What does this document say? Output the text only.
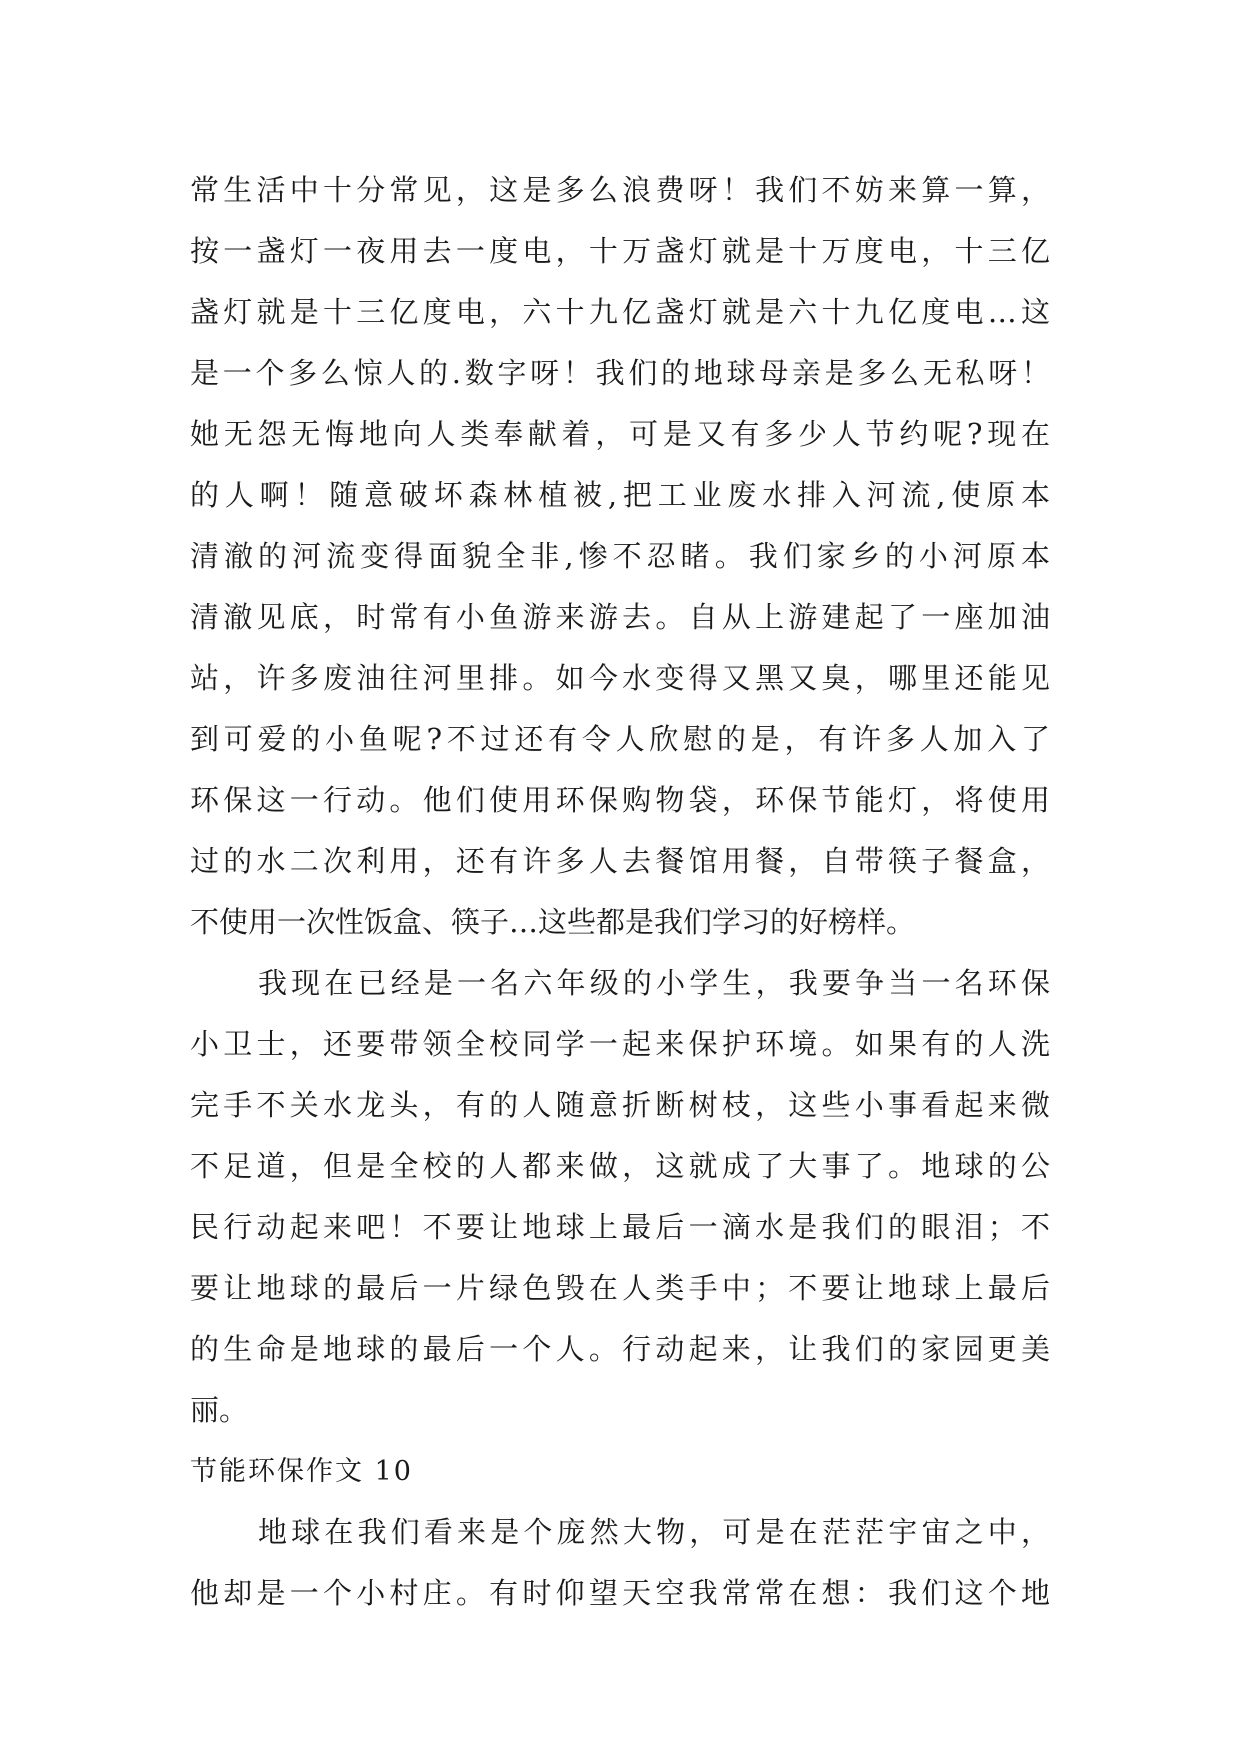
常生活中十分常见，这是多么浪费呀！我们不妨来算一算，
按一盏灯一夜用去一度电，十万盏灯就是十万度电，十三亿
盏灯就是十三亿度电，六十九亿盏灯就是六十九亿度电…这
是一个多么惊人的.数字呀！我们的地球母亲是多么无私呀！
她无怨无悔地向人类奉献着，可是又有多少人节约呢?现在
的人啊！随意破坏森林植被,把工业废水排入河流,使原本
清澈的河流变得面貌全非,惨不忍睹。我们家乡的小河原本
清澈见底，时常有小鱼游来游去。自从上游建起了一座加油
站，许多废油往河里排。如今水变得又黑又臭，哪里还能见
到可爱的小鱼呢?不过还有令人欣慰的是，有许多人加入了
环保这一行动。他们使用环保购物袋，环保节能灯，将使用
过的水二次利用，还有许多人去餐馆用餐，自带筷子餐盒，
不使用一次性饭盒、筷子…这些都是我们学习的好榜样。
我现在已经是一名六年级的小学生，我要争当一名环保
小卫士，还要带领全校同学一起来保护环境。如果有的人洗
完手不关水龙头，有的人随意折断树枝，这些小事看起来微
不足道，但是全校的人都来做，这就成了大事了。地球的公
民行动起来吧！不要让地球上最后一滴水是我们的眼泪；不
要让地球的最后一片绿色毁在人类手中；不要让地球上最后
的生命是地球的最后一个人。行动起来，让我们的家园更美
丽。
节能环保作文 10
地球在我们看来是个庞然大物，可是在茫茫宇宙之中，
他却是一个小村庄。有时仰望天空我常常在想：我们这个地
